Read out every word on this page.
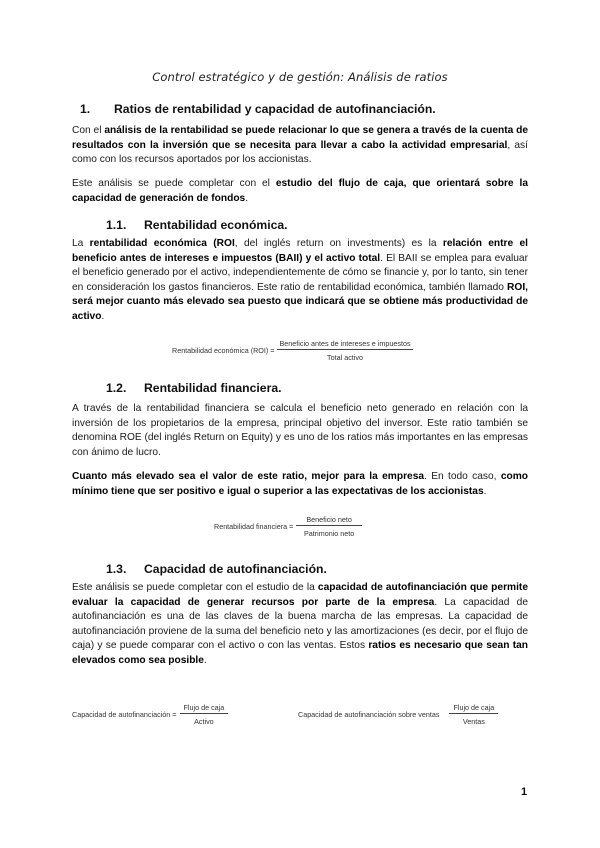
Control estratégico y de gestión: Análisis de ratios
1. Ratios de rentabilidad y capacidad de autofinanciación.

Con el análisis de la rentabilidad se puede relacionar lo que se genera a través de la cuenta de resultados con la inversión que se necesita para llevar a cabo la actividad empresarial, así como con los recursos aportados por los accionistas.

Este análisis se puede completar con el estudio del flujo de caja, que orientará sobre la capacidad de generación de fondos.

1.1. Rentabilidad económica.

La rentabilidad económica (ROI, del inglés return on investments) es la relación entre el beneficio antes de intereses e impuestos (BAII) y el activo total. El BAII se emplea para evaluar el beneficio generado por el activo, independientemente de cómo se financie y, por lo tanto, sin tener en consideración los gastos financieros. Este ratio de rentabilidad económica, también llamado ROI, será mejor cuanto más elevado sea puesto que indicará que se obtiene más productividad de activo.

Rentabilidad económica $(ROI) = \frac{\text{Beneficio antes de intereses e impuestos}}{\text{Total activo}}$
1.2. Rentabilidad financiera.

A través de la rentabilidad financiera se calcula el beneficio neto generado en relación con la inversión de los propietarios de la empresa, principal objetivo del inversor. Este ratio también se denomina ROE (del inglés Return on Equity) y es uno de los ratios más importantes en las empresas con ánimo de lucro.

Cuanto más elevado sea el valor de este ratio, mejor para la empresa. En todo caso, como mínimo tiene que ser positivo e igual o superior a las expectativas de los accionistas.

Rentabilidad financiera = $\frac{\text{Beneficio neto}}{\text{Patrimonio neto}}$
1.3. Capacidad de autofinanciación.

Este análisis se puede completar con el estudio de la capacidad de autofinanciación que permite evaluar la capacidad de generar recursos por parte de la empresa. La capacidad de autofinanciación es una de las claves de la buena marcha de las empresas. La capacidad de autofinanciación proviene de la suma del beneficio neto y las amortizaciones (es decir, por el flujo de caja) y se puede comparar con el activo o con las ventas. Estos ratios es necesario que sean tan elevados como sea posible.

Capacidad de autofinanciación = $\frac{\text{Flujo de caja}}{\text{Activo}}$	Capacidad de autofinanciación sobre ventas $\frac{\text{Flujo de caja}}{\text{Ventas}}$
1
